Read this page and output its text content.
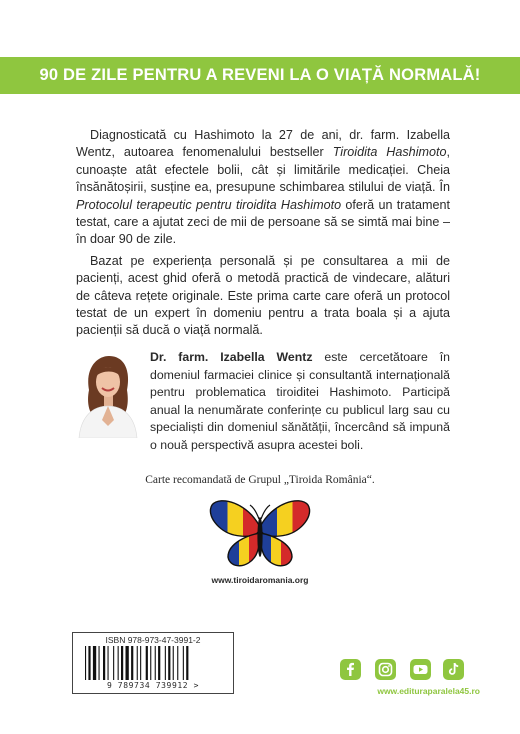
90 DE ZILE PENTRU A REVENI LA O VIAȚĂ NORMALĂ!

Diagnosticată cu Hashimoto la 27 de ani, dr. farm. Izabella Wentz, autoarea fenomenalului bestseller Tiroidita Hashimoto, cunoaște atât efectele bolii, cât și limitările medicației. Cheia însănătoșirii, susține ea, presupune schimbarea stilului de viață. În Protocolul terapeutic pentru tiroidita Hashimoto oferă un tratament testat, care a ajutat zeci de mii de persoane să se simtă mai bine – în doar 90 de zile.

Bazat pe experiența personală și pe consultarea a mii de pacienți, acest ghid oferă o metodă practică de vindecare, alături de câteva rețete originale. Este prima carte care oferă un protocol testat de un expert în domeniu pentru a trata boala și a ajuta pacienții să ducă o viață normală.

Dr. farm. Izabella Wentz este cercetătoare în domeniul farmaciei clinice și consultantă internațională pentru problematica tiroiditei Hashimoto. Participă anual la nenumărate conferințe cu publicul larg sau cu specialiști din domeniul sănătății, încercând să impună o nouă perspectivă asupra acestei boli.
Carte recomandată de Grupul „Tiroida România“.
www.tiroidaromania.org
ISBN 978-973-47-3991-2
9 789734 739912 >
www.edituraparalela45.ro
